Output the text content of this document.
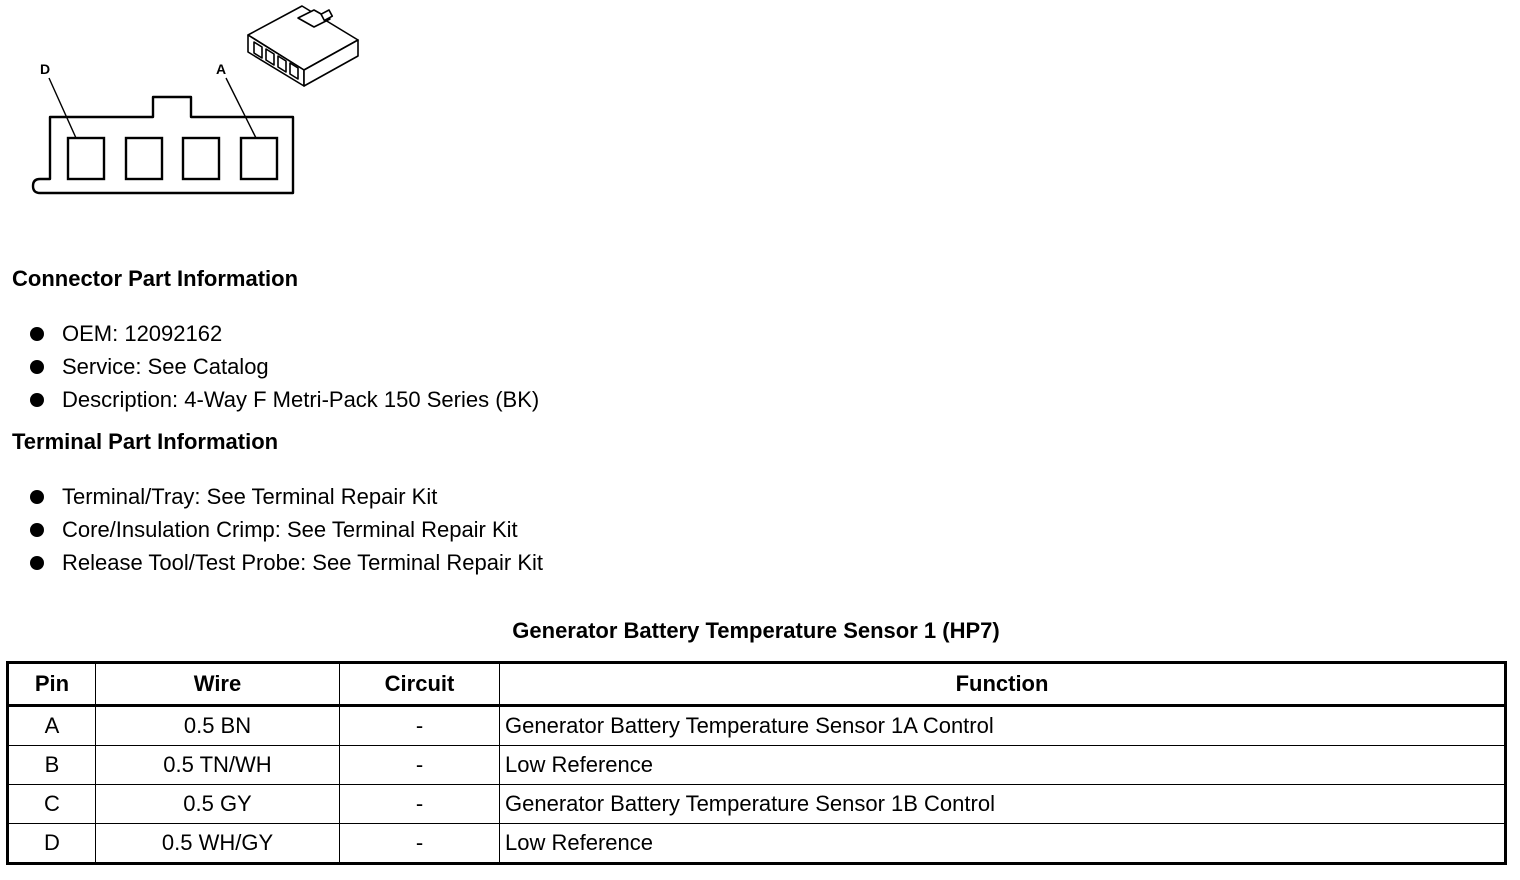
D	A
Connector Part Information
OEM: 12092162
Service: See Catalog
Description: 4-Way F Metri-Pack 150 Series (BK)
Terminal Part Information
Terminal/Tray: See Terminal Repair Kit
Core/Insulation Crimp: See Terminal Repair Kit
Release Tool/Test Probe: See Terminal Repair Kit
Generator Battery Temperature Sensor 1 (HP7)
Pin	Wire	Circuit	Function
A	0.5 BN	-	Generator Battery Temperature Sensor 1A Control
B	0.5 TN/WH	-	Low Reference
C	0.5 GY	-	Generator Battery Temperature Sensor 1B Control
D	0.5 WH/GY	-	Low Reference
